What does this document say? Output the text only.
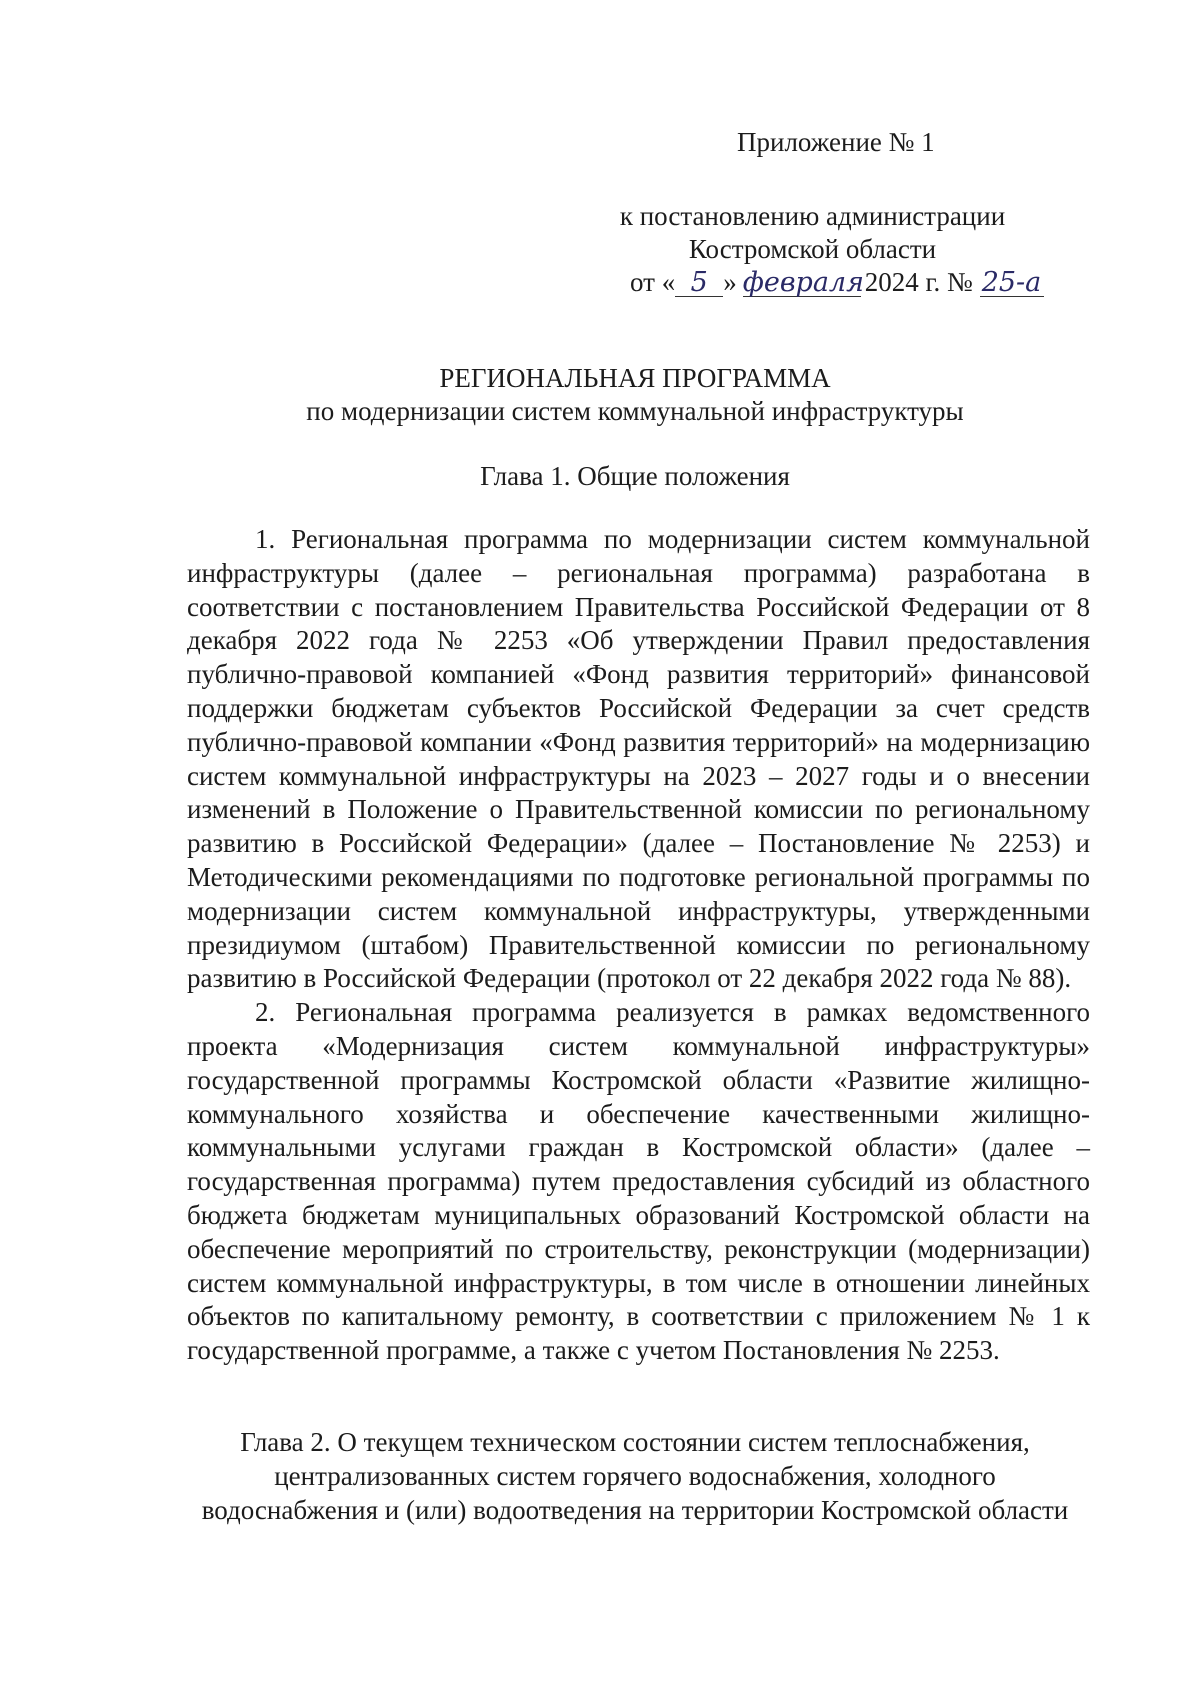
Приложение № 1
к постановлению администрации
Костромской области
от « 5 » февраля2024 г. № 25-а
РЕГИОНАЛЬНАЯ ПРОГРАММА
по модернизации систем коммунальной инфраструктуры
Глава 1. Общие положения

1. Региональная программа по модернизации систем коммунальной инфраструктуры (далее – региональная программа) разработана в соответствии с постановлением Правительства Российской Федерации от 8 декабря 2022 года № 2253 «Об утверждении Правил предоставления публично-правовой компанией «Фонд развития территорий» финансовой поддержки бюджетам субъектов Российской Федерации за счет средств публично-правовой компании «Фонд развития территорий» на модернизацию систем коммунальной инфраструктуры на 2023 – 2027 годы и о внесении изменений в Положение о Правительственной комиссии по региональному развитию в Российской Федерации» (далее – Постановление № 2253) и Методическими рекомендациями по подготовке региональной программы по модернизации систем коммунальной инфраструктуры, утвержденными президиумом (штабом) Правительственной комиссии по региональному развитию в Российской Федерации (протокол от 22 декабря 2022 года № 88).

2. Региональная программа реализуется в рамках ведомственного проекта «Модернизация систем коммунальной инфраструктуры» государственной программы Костромской области «Развитие жилищно-коммунального хозяйства и обеспечение качественными жилищно-коммунальными услугами граждан в Костромской области» (далее – государственная программа) путем предоставления субсидий из областного бюджета бюджетам муниципальных образований Костромской области на обеспечение мероприятий по строительству, реконструкции (модернизации) систем коммунальной инфраструктуры, в том числе в отношении линейных объектов по капитальному ремонту, в соответствии с приложением № 1 к государственной программе, а также с учетом Постановления № 2253.

Глава 2. О текущем техническом состоянии систем теплоснабжения,
централизованных систем горячего водоснабжения, холодного
водоснабжения и (или) водоотведения на территории Костромской области
